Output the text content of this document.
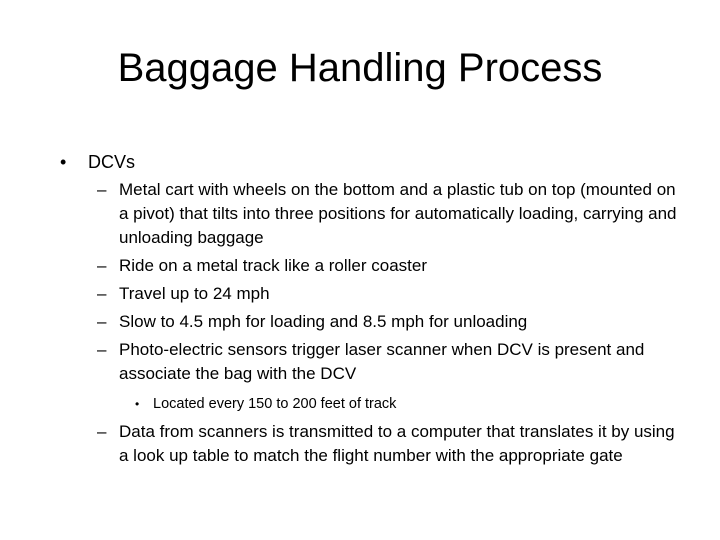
Baggage Handling Process
• DCVs
– Metal cart with wheels on the bottom and a plastic tub on top (mounted on a pivot) that tilts into three positions for automatically loading, carrying and unloading baggage
– Ride on a metal track like a roller coaster
– Travel up to 24 mph
– Slow to 4.5 mph for loading and 8.5 mph for unloading
– Photo-electric sensors trigger laser scanner when DCV is present and associate the bag with the DCV
• Located every 150 to 200 feet of track
– Data from scanners is transmitted to a computer that translates it by using a look up table to match the flight number with the appropriate gate
